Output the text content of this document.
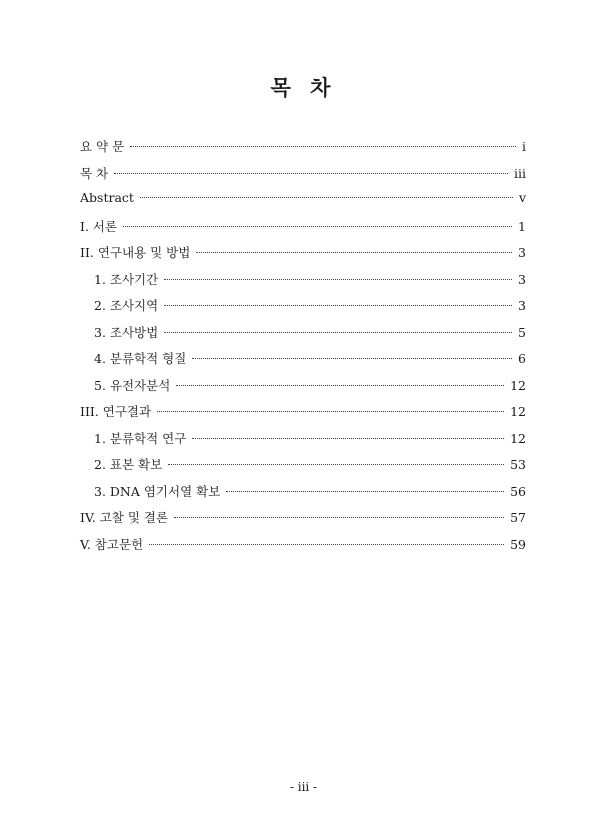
목 차
요 약 문	i
목 차	iii
Abstract	v
I. 서론	1
II. 연구내용 및 방법	3
1. 조사기간	3
2. 조사지역	3
3. 조사방법	5
4. 분류학적 형질	6
5. 유전자분석	12
III. 연구결과	12
1. 분류학적 연구	12
2. 표본 확보	53
3. DNA 염기서열 확보	56
IV. 고찰 및 결론	57
V. 참고문헌	59
- iii -
